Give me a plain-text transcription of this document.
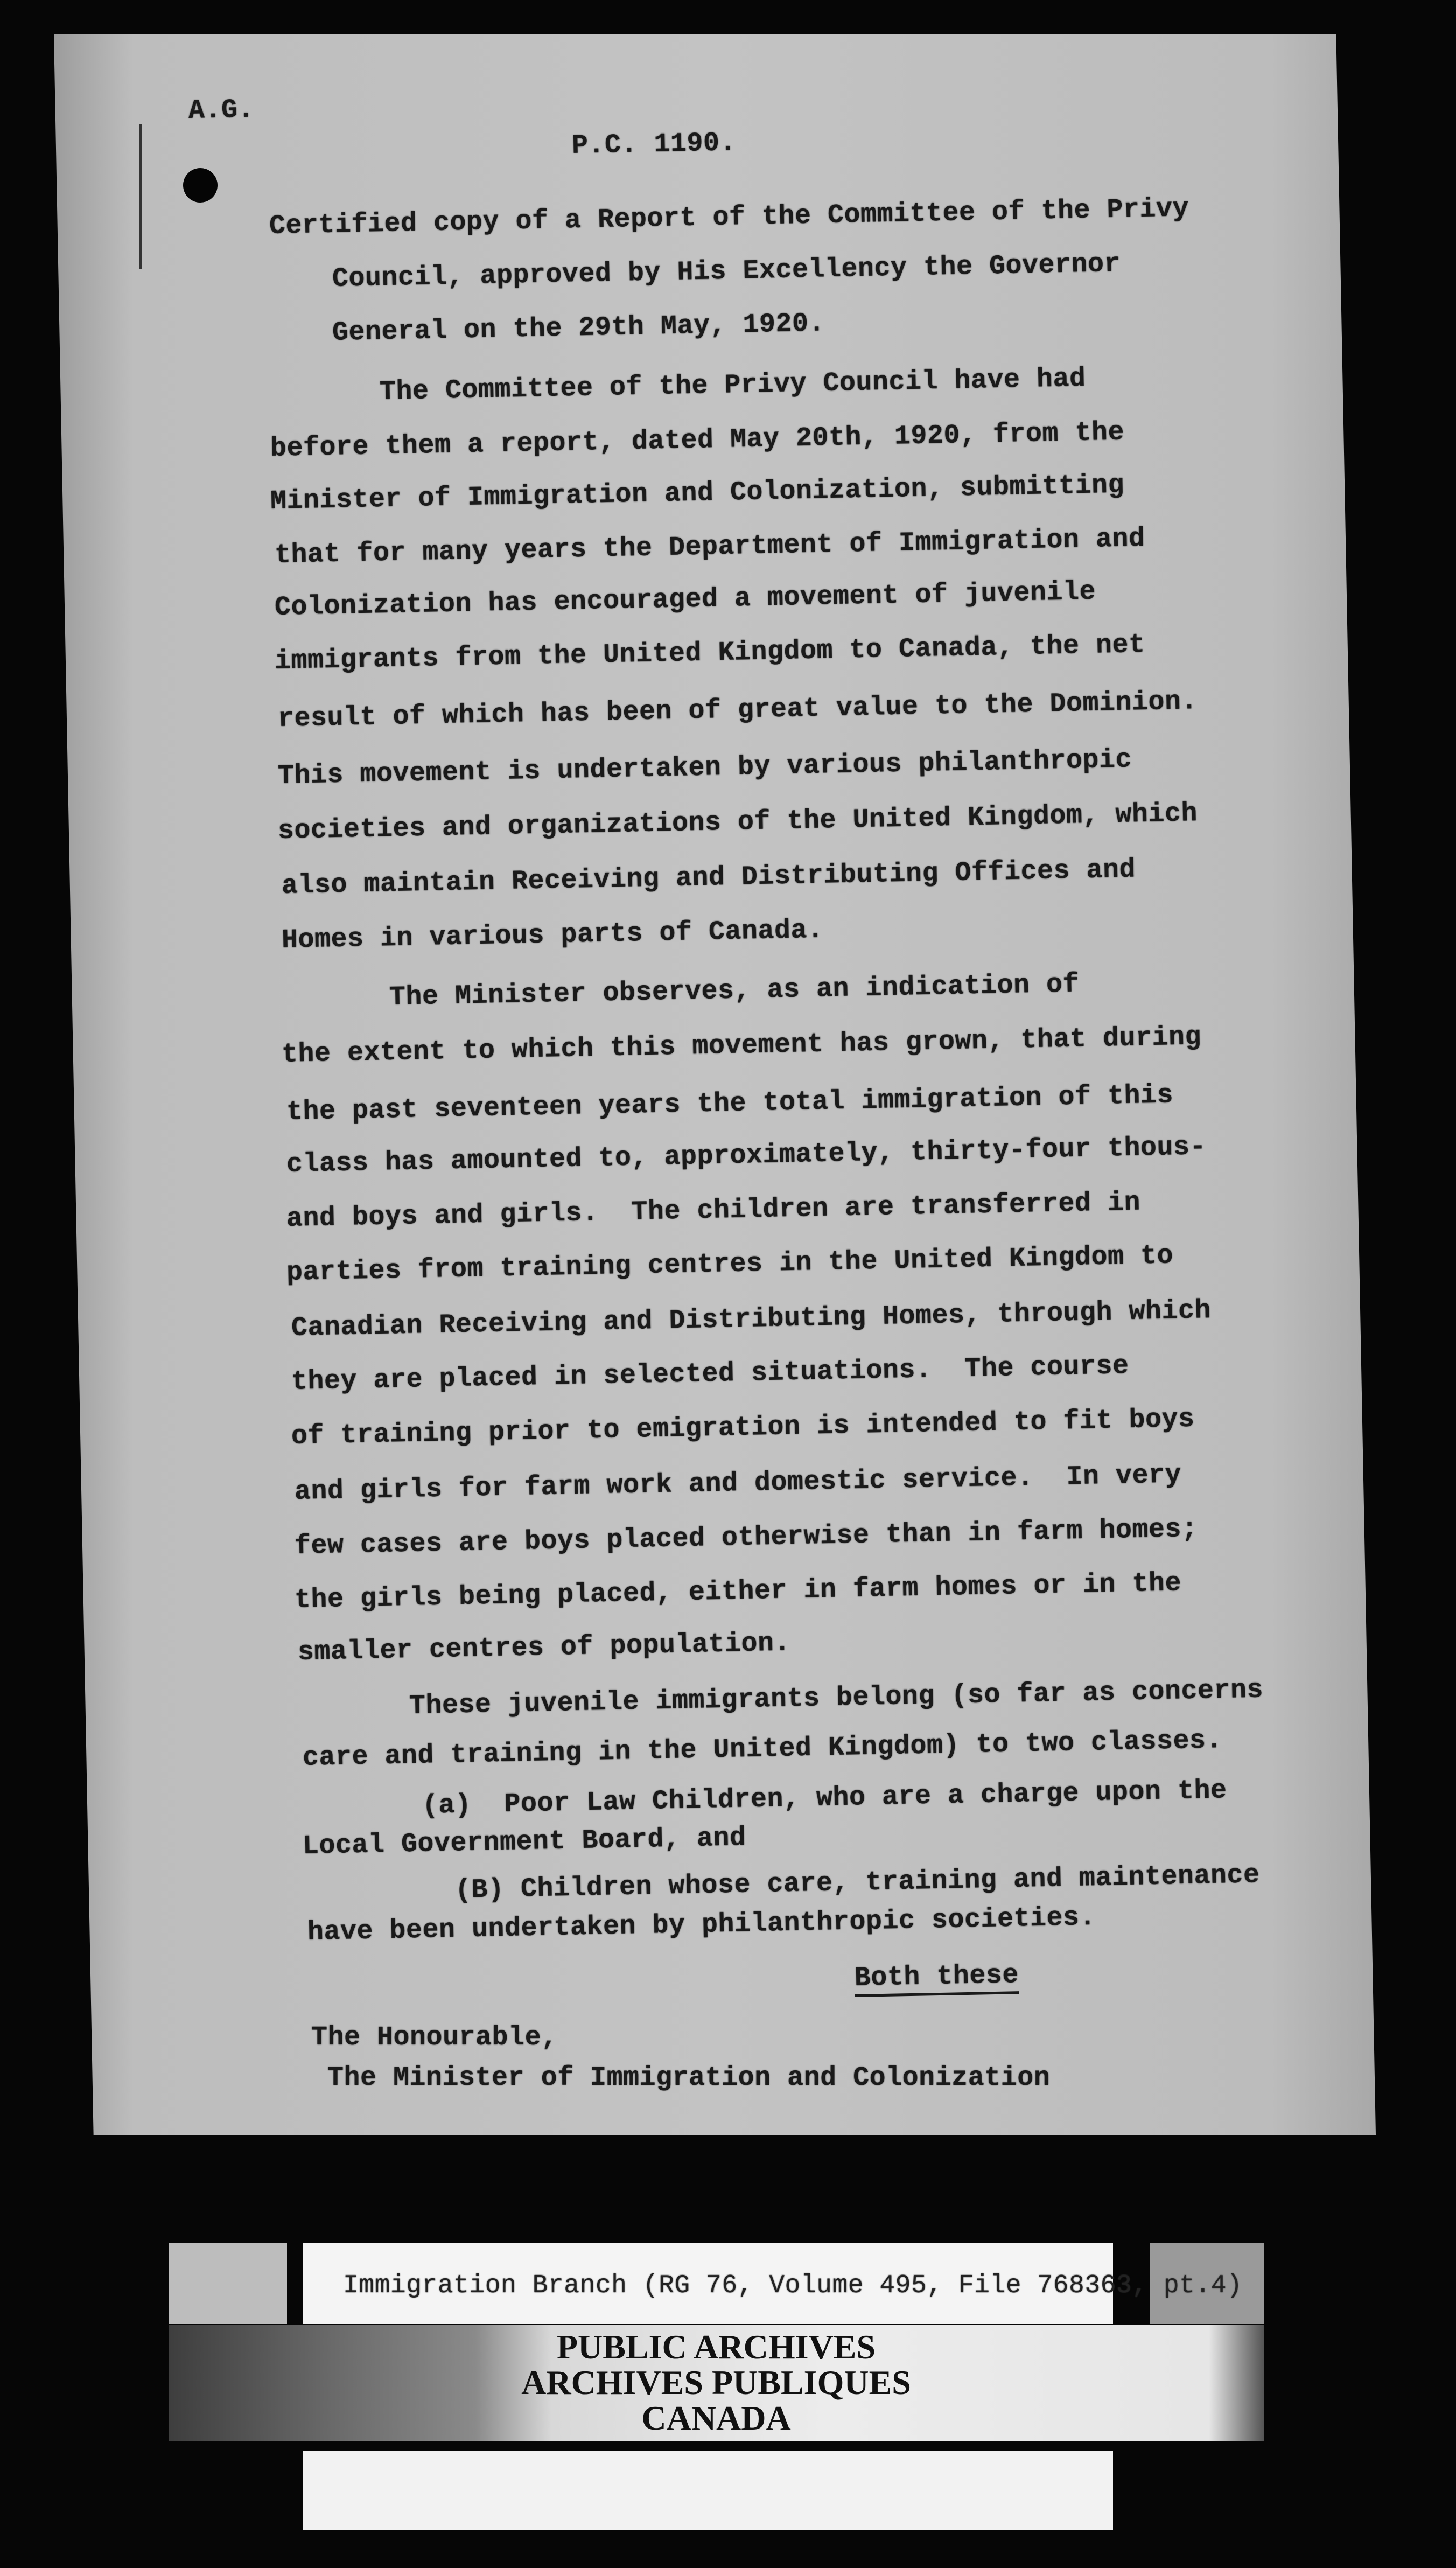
A.G.
P.C. 1190.
Certified copy of a Report of the Committee of the Privy
Council, approved by His Excellency the Governor
General on the 29th May, 1920.
The Committee of the Privy Council have had
before them a report, dated May 20th, 1920, from the
Minister of Immigration and Colonization, submitting
that for many years the Department of Immigration and
Colonization has encouraged a movement of juvenile
immigrants from the United Kingdom to Canada, the net
result of which has been of great value to the Dominion.
This movement is undertaken by various philanthropic
societies and organizations of the United Kingdom, which
also maintain Receiving and Distributing Offices and
Homes in various parts of Canada.
The Minister observes, as an indication of
the extent to which this movement has grown, that during
the past seventeen years the total immigration of this
class has amounted to, approximately, thirty-four thous-
and boys and girls.  The children are transferred in
parties from training centres in the United Kingdom to
Canadian Receiving and Distributing Homes, through which
they are placed in selected situations.  The course
of training prior to emigration is intended to fit boys
and girls for farm work and domestic service.  In very
few cases are boys placed otherwise than in farm homes;
the girls being placed, either in farm homes or in the
smaller centres of population.
These juvenile immigrants belong (so far as concerns
care and training in the United Kingdom) to two classes.
(a)  Poor Law Children, who are a charge upon the
Local Government Board, and
(B) Children whose care, training and maintenance
have been undertaken by philanthropic societies.
Both these
The Honourable,
The Minister of Immigration and Colonization
Immigration Branch (RG 76, Volume 495, File 768363, pt.4)
PUBLIC ARCHIVES
ARCHIVES PUBLIQUES
CANADA
